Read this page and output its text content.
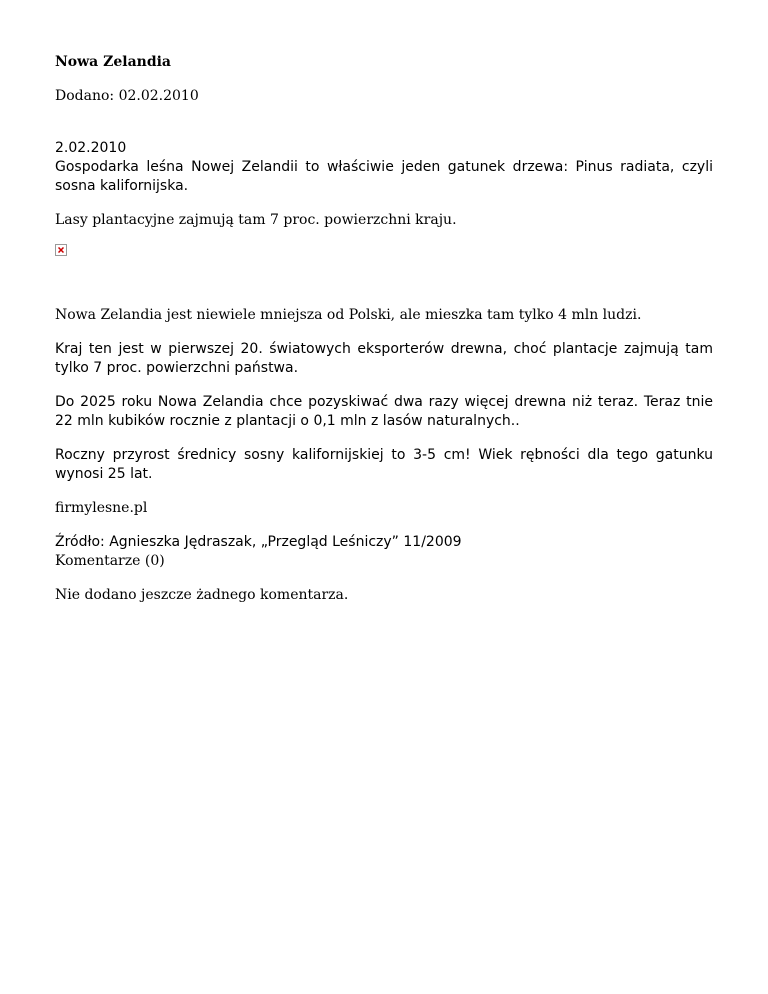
Nowa Zelandia

Dodano: 02.02.2010

2.02.2010

Gospodarka leśna Nowej Zelandii to właściwie jeden gatunek drzewa: Pinus radiata, czyli sosna kalifornijska.

Lasy plantacyjne zajmują tam 7 proc. powierzchni kraju.

Nowa Zelandia jest niewiele mniejsza od Polski, ale mieszka tam tylko 4 mln ludzi.

Kraj ten jest w pierwszej 20. światowych eksporterów drewna, choć plantacje zajmują tam tylko 7 proc. powierzchni państwa.

Do 2025 roku Nowa Zelandia chce pozyskiwać dwa razy więcej drewna niż teraz. Teraz tnie 22 mln kubików rocznie z plantacji o 0,1 mln z lasów naturalnych..

Roczny przyrost średnicy sosny kalifornijskiej to 3-5 cm! Wiek rębności dla tego gatunku wynosi 25 lat.

firmylesne.pl

Źródło: Agnieszka Jędraszak, „Przegląd Leśniczy” 11/2009

Komentarze (0)

Nie dodano jeszcze żadnego komentarza.
